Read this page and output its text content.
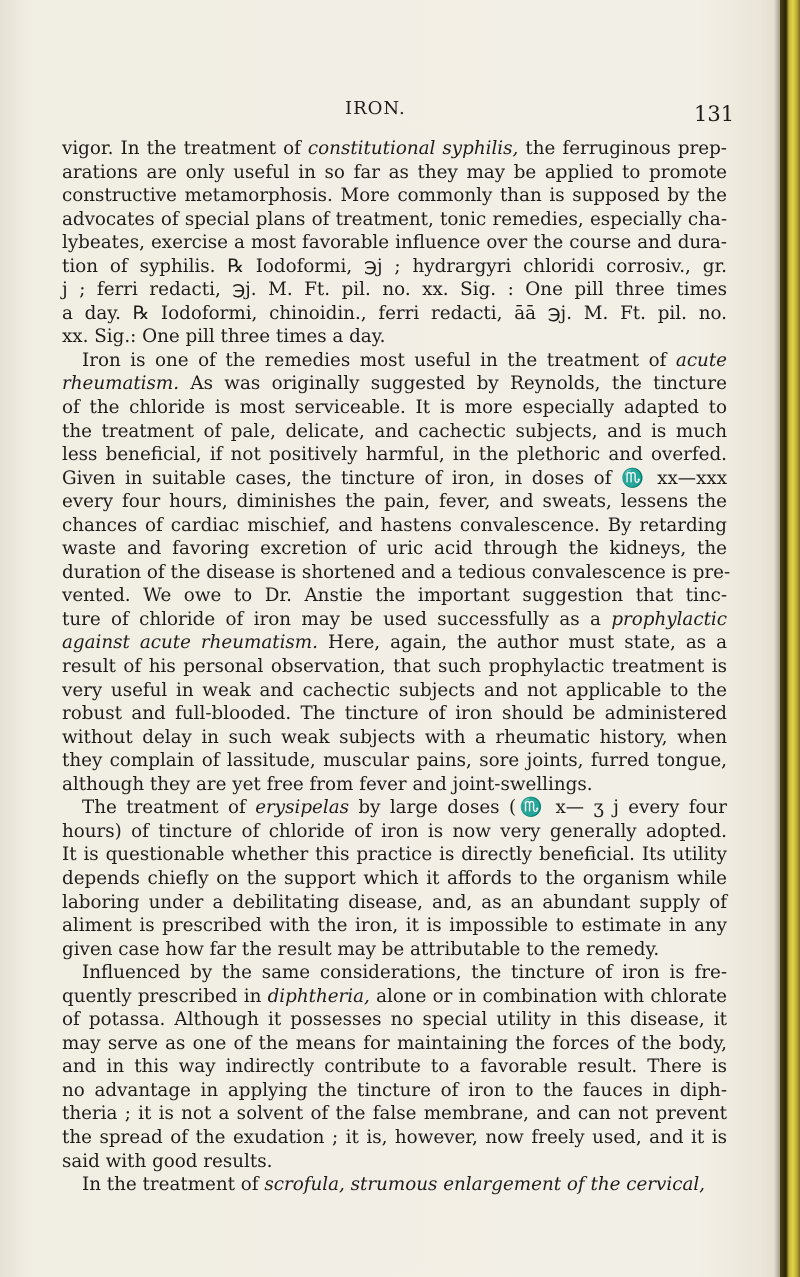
IRON.	131
vigor. In the treatment of constitutional syphilis, the ferruginous prep-
arations are only useful in so far as they may be applied to promote
constructive metamorphosis. More commonly than is supposed by the
advocates of special plans of treatment, tonic remedies, especially cha-
lybeates, exercise a most favorable influence over the course and dura-
tion of syphilis. ℞ Iodoformi, ℈j ; hydrargyri chloridi corrosiv., gr.
j ; ferri redacti, ℈j. M. Ft. pil. no. xx. Sig. : One pill three times
a day. ℞ Iodoformi, chinoidin., ferri redacti, āā ℈j. M. Ft. pil. no.
xx. Sig.: One pill three times a day.
Iron is one of the remedies most useful in the treatment of acute
rheumatism. As was originally suggested by Reynolds, the tincture
of the chloride is most serviceable. It is more especially adapted to
the treatment of pale, delicate, and cachectic subjects, and is much
less beneficial, if not positively harmful, in the plethoric and overfed.
Given in suitable cases, the tincture of iron, in doses of ♏ xx—xxx
every four hours, diminishes the pain, fever, and sweats, lessens the
chances of cardiac mischief, and hastens convalescence. By retarding
waste and favoring excretion of uric acid through the kidneys, the
duration of the disease is shortened and a tedious convalescence is pre-
vented. We owe to Dr. Anstie the important suggestion that tinc-
ture of chloride of iron may be used successfully as a prophylactic
against acute rheumatism. Here, again, the author must state, as a
result of his personal observation, that such prophylactic treatment is
very useful in weak and cachectic subjects and not applicable to the
robust and full-blooded. The tincture of iron should be administered
without delay in such weak subjects with a rheumatic history, when
they complain of lassitude, muscular pains, sore joints, furred tongue,
although they are yet free from fever and joint-swellings.
The treatment of erysipelas by large doses (♏ x— ʒ j every four
hours) of tincture of chloride of iron is now very generally adopted.
It is questionable whether this practice is directly beneficial. Its utility
depends chiefly on the support which it affords to the organism while
laboring under a debilitating disease, and, as an abundant supply of
aliment is prescribed with the iron, it is impossible to estimate in any
given case how far the result may be attributable to the remedy.
Influenced by the same considerations, the tincture of iron is fre-
quently prescribed in diphtheria, alone or in combination with chlorate
of potassa. Although it possesses no special utility in this disease, it
may serve as one of the means for maintaining the forces of the body,
and in this way indirectly contribute to a favorable result. There is
no advantage in applying the tincture of iron to the fauces in diph-
theria ; it is not a solvent of the false membrane, and can not prevent
the spread of the exudation ; it is, however, now freely used, and it is
said with good results.
In the treatment of scrofula, strumous enlargement of the cervical,
